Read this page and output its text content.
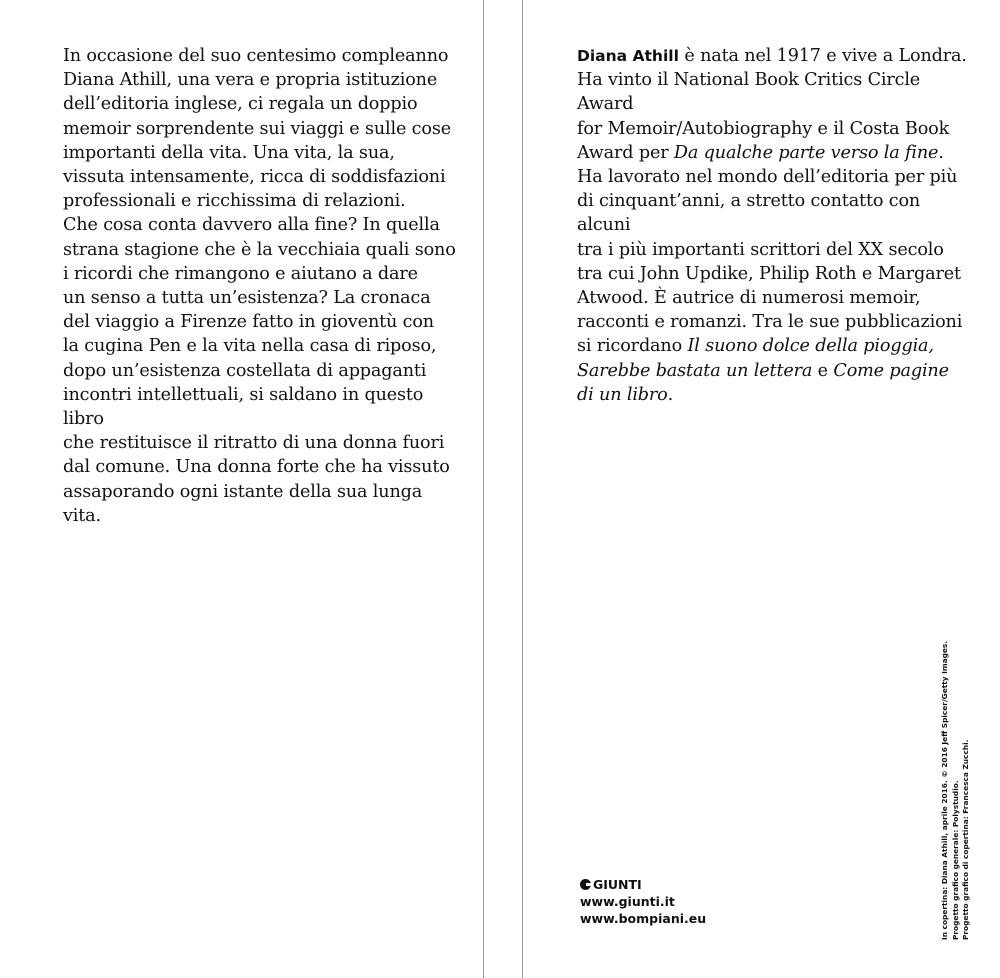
In occasione del suo centesimo compleanno
Diana Athill, una vera e propria istituzione
dell’editoria inglese, ci regala un doppio
memoir sorprendente sui viaggi e sulle cose
importanti della vita. Una vita, la sua,
vissuta intensamente, ricca di soddisfazioni
professionali e ricchissima di relazioni.
Che cosa conta davvero alla fine? In quella
strana stagione che è la vecchiaia quali sono
i ricordi che rimangono e aiutano a dare
un senso a tutta un’esistenza? La cronaca
del viaggio a Firenze fatto in gioventù con
la cugina Pen e la vita nella casa di riposo,
dopo un’esistenza costellata di appaganti
incontri intellettuali, si saldano in questo libro
che restituisce il ritratto di una donna fuori
dal comune. Una donna forte che ha vissuto
assaporando ogni istante della sua lunga vita.

Diana Athill è nata nel 1917 e vive a Londra.
Ha vinto il National Book Critics Circle Award
for Memoir/Autobiography e il Costa Book
Award per Da qualche parte verso la fine.
Ha lavorato nel mondo dell’editoria per più
di cinquant’anni, a stretto contatto con alcuni
tra i più importanti scrittori del XX secolo
tra cui John Updike, Philip Roth e Margaret
Atwood. È autrice di numerosi memoir,
racconti e romanzi. Tra le sue pubblicazioni
si ricordano Il suono dolce della pioggia,
Sarebbe bastata un lettera e Come pagine
di un libro.

GIUNTI
www.giunti.it
www.bompiani.eu	In copertina: Diana Athill, aprile 2016. © 2016 Jeff Spicer/Getty Images. Progetto grafico generale: Polystudio. Progetto grafico di copertina: Francesca Zucchi.
